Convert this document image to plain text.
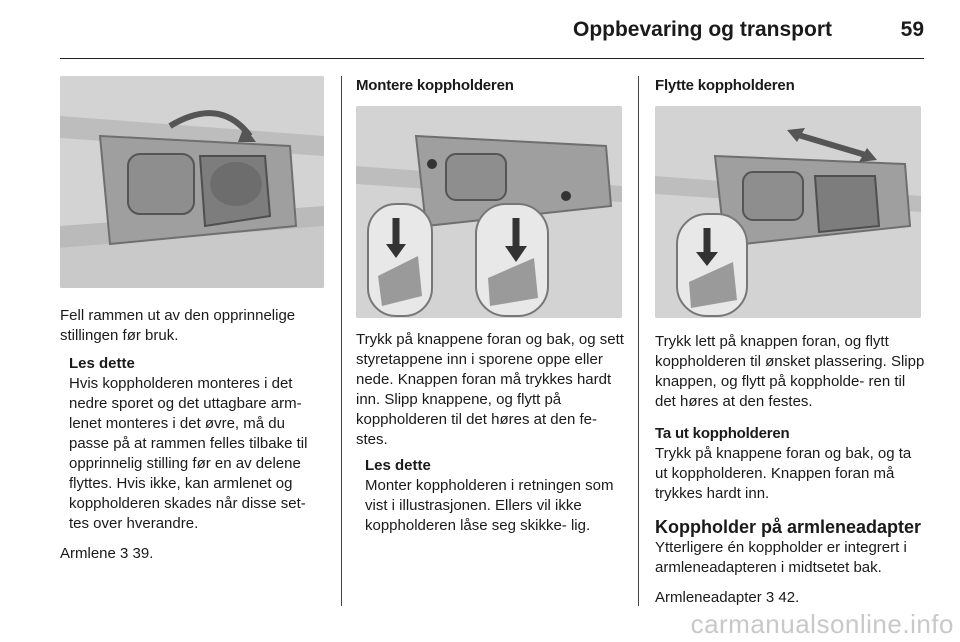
Oppbevaring og transport	59

Fell rammen ut av den opprinnelige stillingen før bruk.

Les dette

Hvis koppholderen monteres i det nedre sporet og det uttagbare arm- lenet monteres i det øvre, må du passe på at rammen felles tilbake til opprinnelig stilling før en av delene flyttes. Hvis ikke, kan armlenet og koppholderen skades når disse set- tes over hverandre.

Armlene 3 39.

Montere koppholderen

Trykk på knappene foran og bak, og sett styretappene inn i sporene oppe eller nede. Knappen foran må trykkes hardt inn. Slipp knappene, og flytt på koppholderen til det høres at den fe- stes.

Les dette

Monter koppholderen i retningen som vist i illustrasjonen. Ellers vil ikke koppholderen låse seg skikke- lig.

Flytte koppholderen

Trykk lett på knappen foran, og flytt koppholderen til ønsket plassering. Slipp knappen, og flytt på koppholde- ren til det høres at den festes.

Ta ut koppholderen

Trykk på knappene foran og bak, og ta ut koppholderen. Knappen foran må trykkes hardt inn.

Koppholder på armleneadapter

Ytterligere én koppholder er integrert i armleneadapteren i midtsetet bak.

Armleneadapter 3 42.

carmanualsonline.info
